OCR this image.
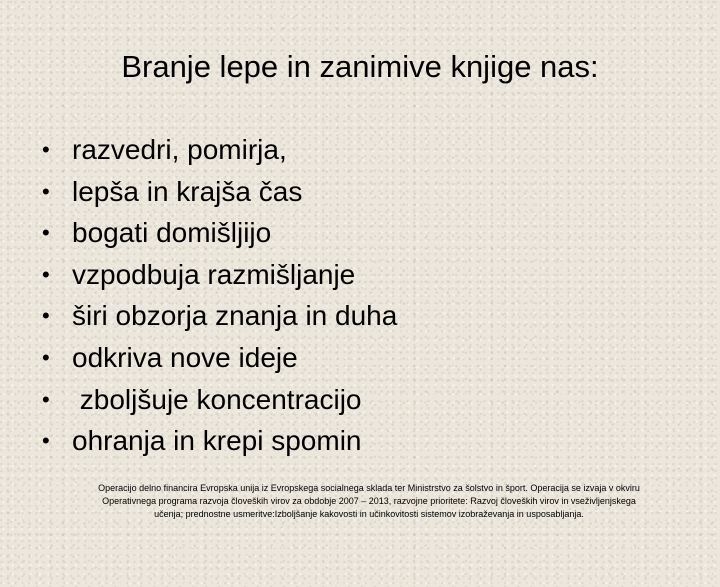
Branje lepe in zanimive knjige nas:

•

razvedri, pomirja,

•

lepša in krajša čas

•

bogati domišljijo

•

vzpodbuja razmišljanje

•

širi obzorja znanja in duha

•

odkriva nove ideje

•

zboljšuje koncentracijo

•

ohranja in krepi spomin

Operacijo delno financira Evropska unija iz Evropskega socialnega sklada ter Ministrstvo za šolstvo in šport. Operacija se izvaja v okviru
Operativnega programa razvoja človeških virov za obdobje 2007 – 2013, razvojne prioritete: Razvoj človeških virov in vseživljenjskega
učenja; prednostne usmeritve:Izboljšanje kakovosti in učinkovitosti sistemov izobraževanja in usposabljanja.
